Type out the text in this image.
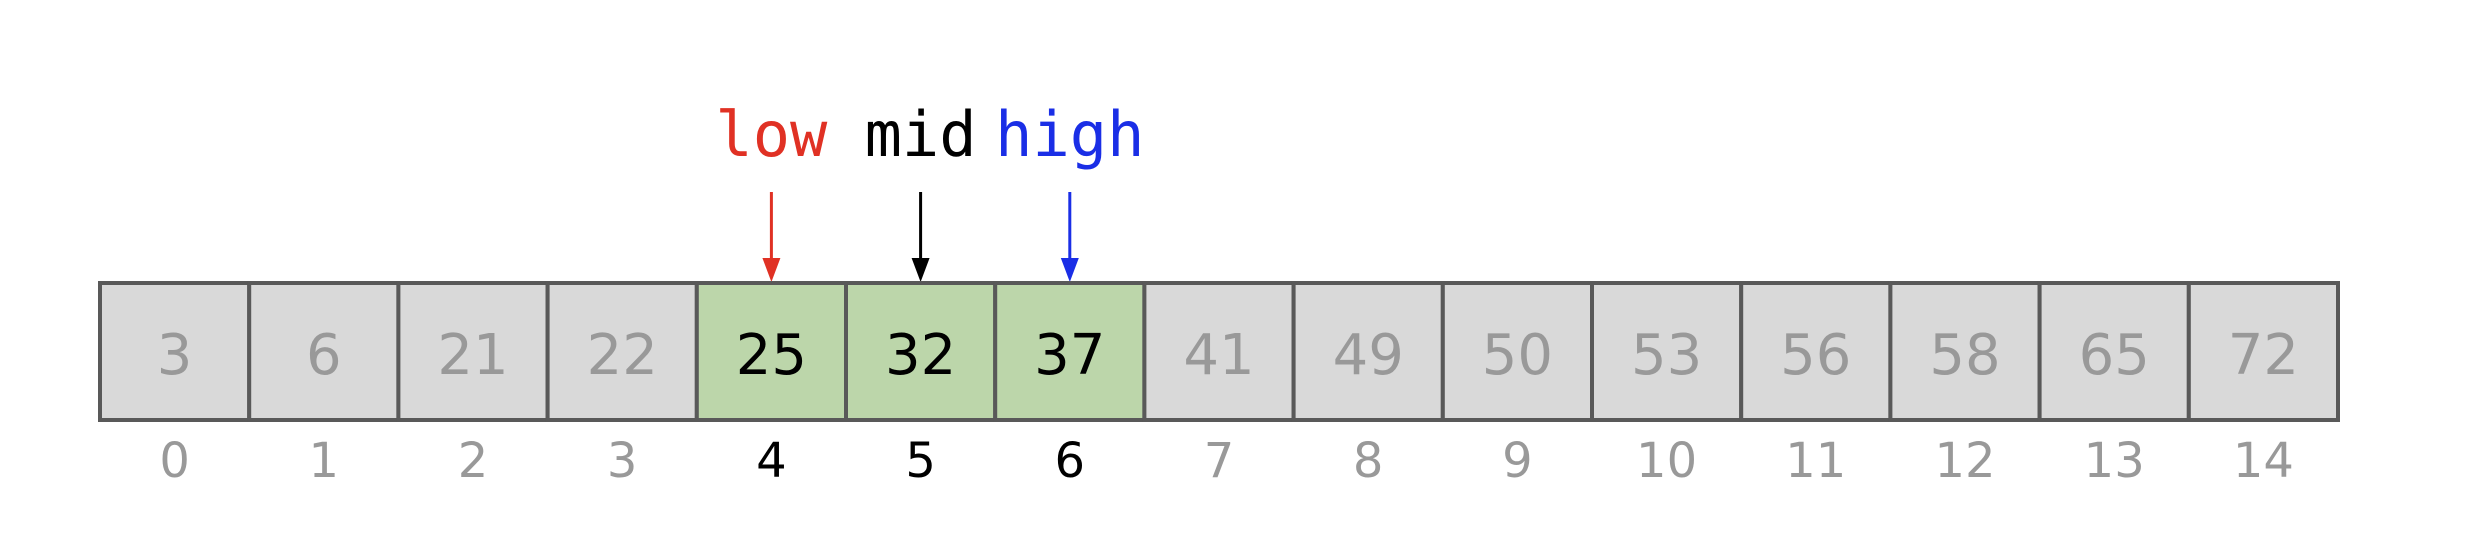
low mid high
3 6 21 22 25 32 37 41 49 50 53 56 58 65 72
0 1 2 3 4 5 6 7 8 9 10 11 12 13 14
